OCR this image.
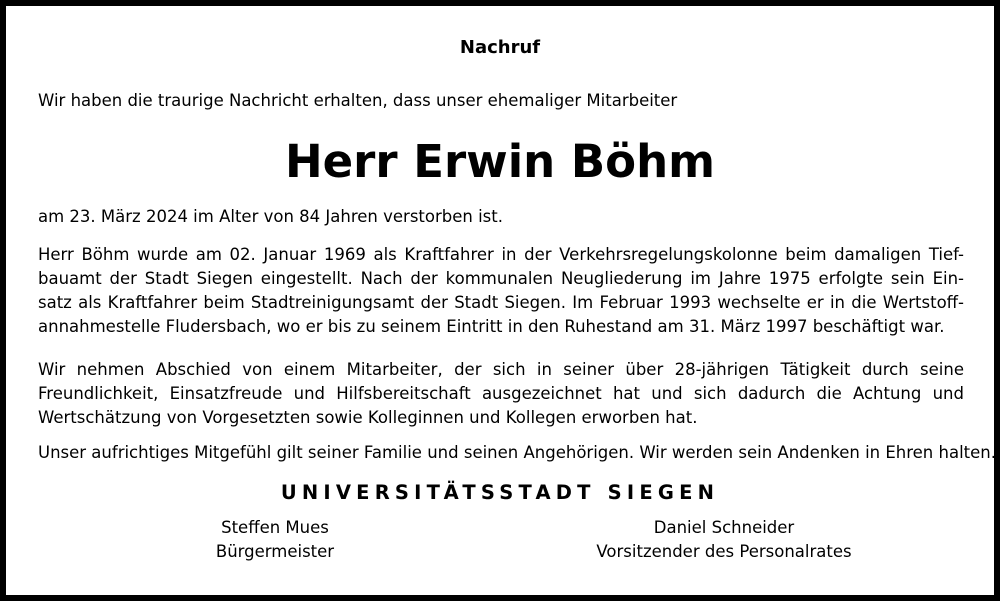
Nachruf
Wir haben die traurige Nachricht erhalten, dass unser ehemaliger Mitarbeiter
Herr Erwin Böhm
am 23. März 2024 im Alter von 84 Jahren verstorben ist.
Herr Böhm wurde am 02. Januar 1969 als Kraftfahrer in der Verkehrsregelungskolonne beim damaligen Tief-
bauamt der Stadt Siegen eingestellt. Nach der kommunalen Neugliederung im Jahre 1975 erfolgte sein Ein-
satz als Kraftfahrer beim Stadtreinigungsamt der Stadt Siegen. Im Februar 1993 wechselte er in die Wertstoff-
annahmestelle Fludersbach, wo er bis zu seinem Eintritt in den Ruhestand am 31. März 1997 beschäftigt war.
Wir nehmen Abschied von einem Mitarbeiter, der sich in seiner über 28-jährigen Tätigkeit durch seine
Freundlichkeit, Einsatzfreude und Hilfsbereitschaft ausgezeichnet hat und sich dadurch die Achtung und
Wertschätzung von Vorgesetzten sowie Kolleginnen und Kollegen erworben hat.
Unser aufrichtiges Mitgefühl gilt seiner Familie und seinen Angehörigen. Wir werden sein Andenken in Ehren halten.
UNIVERSITÄTSSTADT SIEGEN
Steffen Mues
Bürgermeister
Daniel Schneider
Vorsitzender des Personalrates
